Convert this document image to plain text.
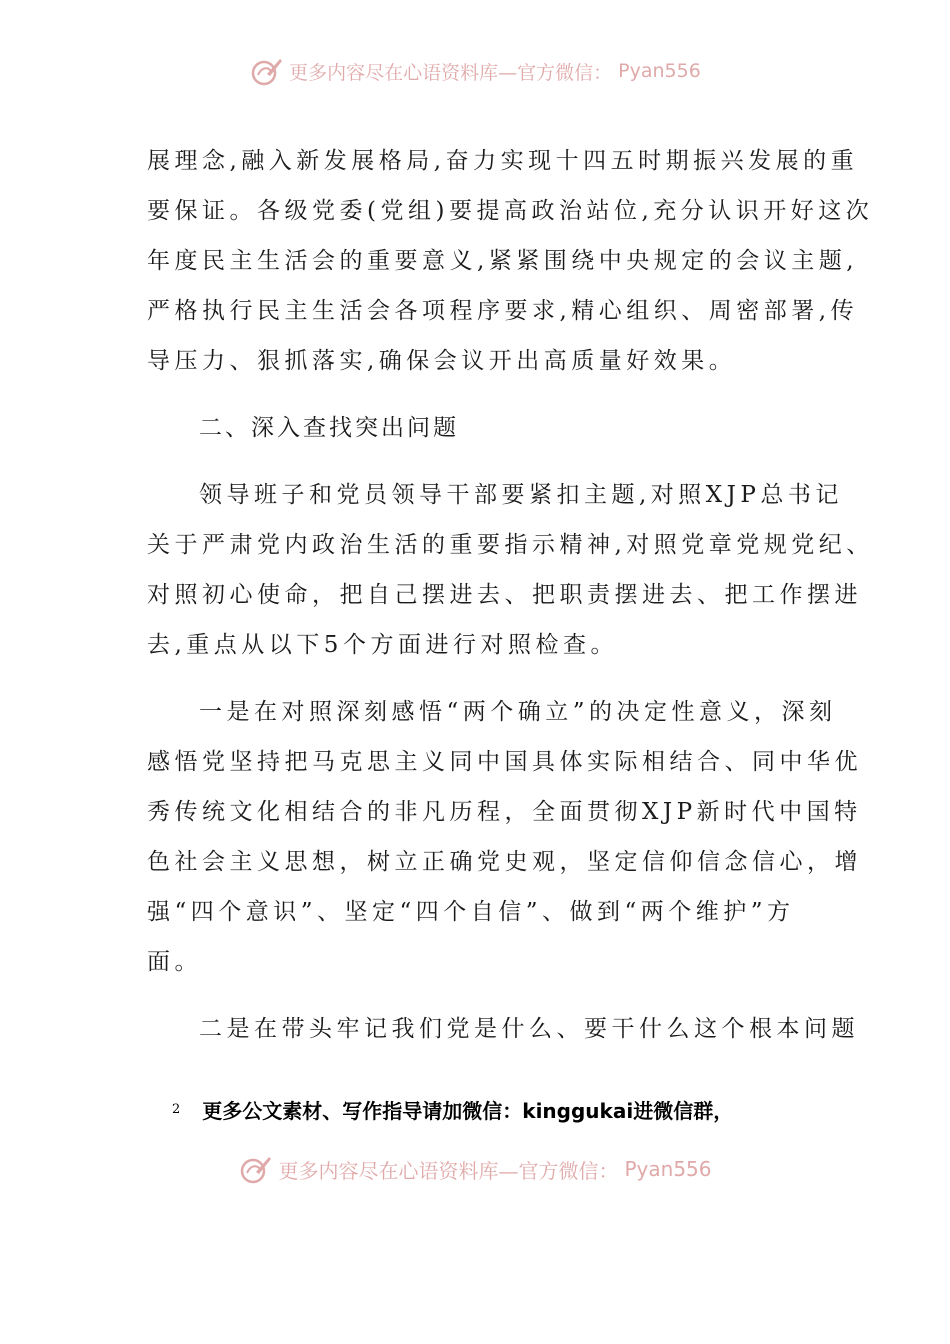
更多内容尽在心语资料库—官方微信： Pyan556
展理念,融入新发展格局,奋力实现十四五时期振兴发展的重
要保证。各级党委(党组)要提高政治站位,充分认识开好这次
年度民主生活会的重要意义,紧紧围绕中央规定的会议主题,
严格执行民主生活会各项程序要求,精心组织、周密部署,传
导压力、狠抓落实,确保会议开出高质量好效果。
二、深入查找突出问题
领导班子和党员领导干部要紧扣主题,对照XJP总书记
关于严肃党内政治生活的重要指示精神,对照党章党规党纪、
对照初心使命，把自己摆进去、把职责摆进去、把工作摆进
去,重点从以下5个方面进行对照检查。
一是在对照深刻感悟“两个确立”的决定性意义，深刻
感悟党坚持把马克思主义同中国具体实际相结合、同中华优
秀传统文化相结合的非凡历程，全面贯彻XJP新时代中国特
色社会主义思想，树立正确党史观，坚定信仰信念信心，增
强“四个意识”、坚定“四个自信”、做到“两个维护”方
面。
二是在带头牢记我们党是什么、要干什么这个根本问题
2 更多公文素材、写作指导请加微信：kinggukai进微信群，
更多内容尽在心语资料库—官方微信： Pyan556
